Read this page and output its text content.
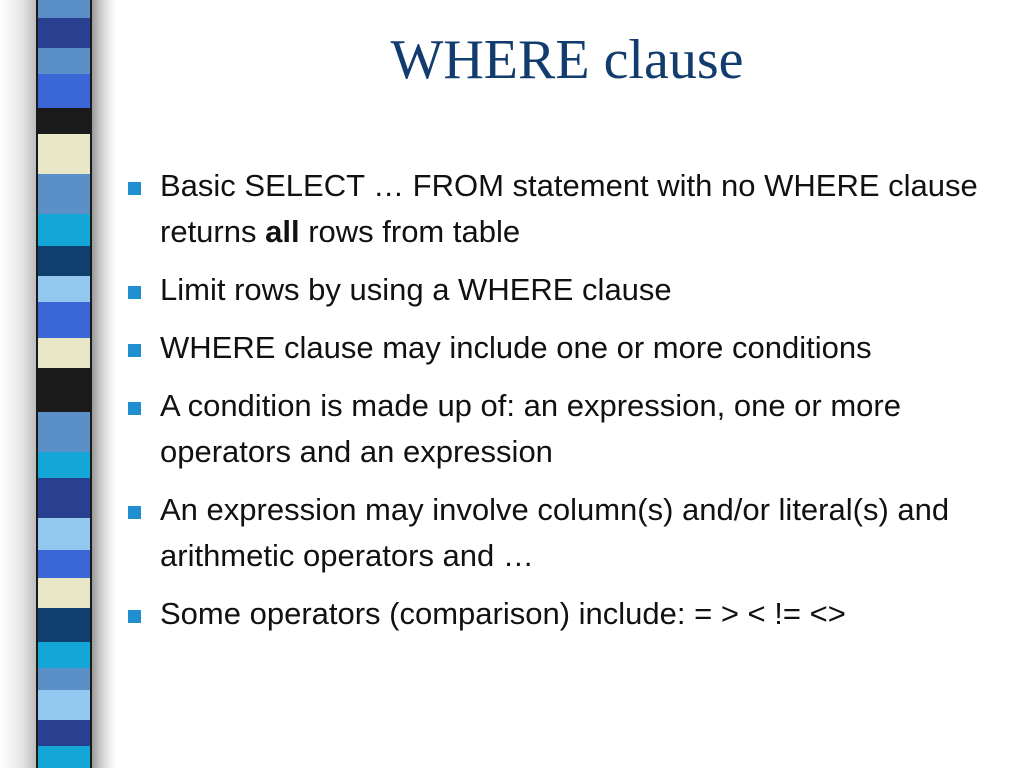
WHERE clause
Basic SELECT … FROM statement with no WHERE clause returns all rows from table
Limit rows by using a WHERE clause
WHERE clause may include one or more conditions
A condition is made up of: an expression, one or more operators and an expression
An expression may involve column(s) and/or literal(s) and arithmetic operators and …
Some operators (comparison) include: = > < != <>
